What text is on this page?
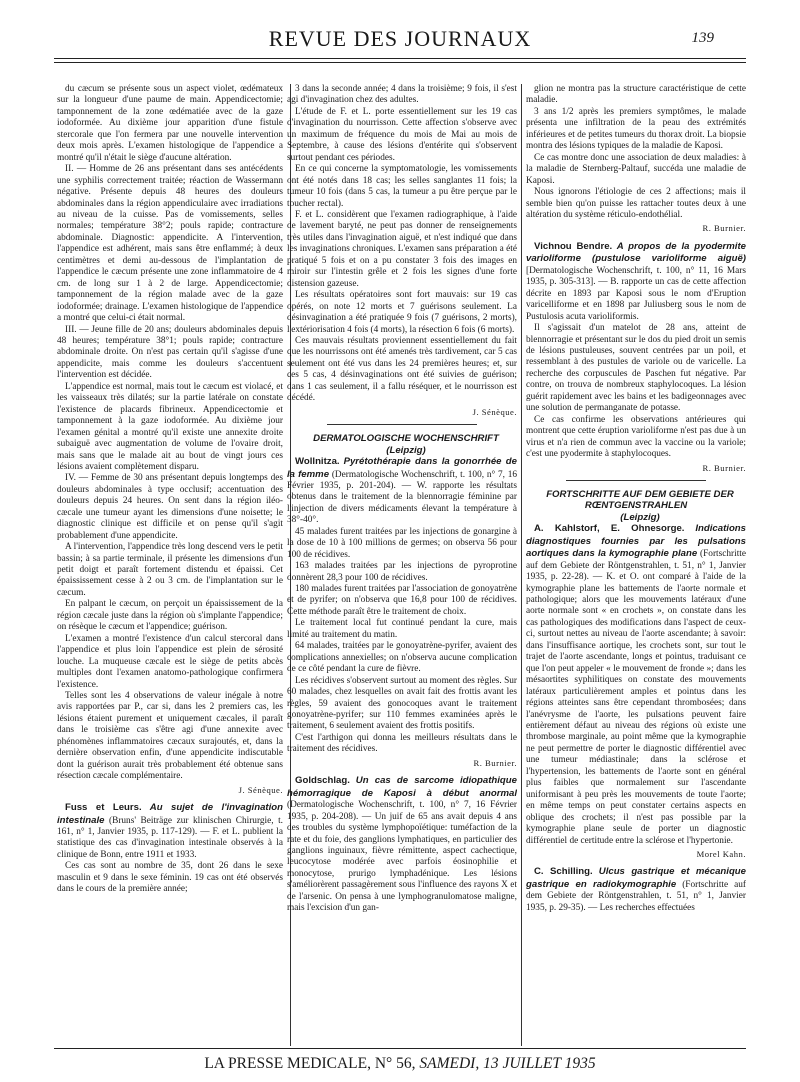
REVUE DES JOURNAUX	139

du cæcum se présente sous un aspect violet, œdémateux sur la longueur d'une paume de main. Appendicectomie; tamponnement de la zone œdématiée avec de la gaze iodoformée. Au dixième jour apparition d'une fistule stercorale que l'on fermera par une nouvelle intervention deux mois après. L'examen histologique de l'appendice a montré qu'il n'était le siège d'aucune altération.

II. — Homme de 26 ans présentant dans ses antécédents une syphilis correctement traitée; réaction de Wassermann négative. Présente depuis 48 heures des douleurs abdominales dans la région appendiculaire avec irradiations au niveau de la cuisse. Pas de vomissements, selles normales; température 38°2; pouls rapide; contracture abdominale. Diagnostic: appendicite. A l'intervention, l'appendice est adhérent, mais sans être enflammé; à deux centimètres et demi au-dessous de l'implantation de l'appendice le cæcum présente une zone inflammatoire de 4 cm. de long sur 1 à 2 de large. Appendicectomie; tamponnement de la région malade avec de la gaze iodoformée; drainage. L'examen histologique de l'appendice a montré que celui-ci était normal.

III. — Jeune fille de 20 ans; douleurs abdominales depuis 48 heures; température 38°1; pouls rapide; contracture abdominale droite. On n'est pas certain qu'il s'agisse d'une appendicite, mais comme les douleurs s'accentuent l'intervention est décidée.

L'appendice est normal, mais tout le cæcum est violacé, et les vaisseaux très dilatés; sur la partie latérale on constate l'existence de placards fibrineux. Appendicectomie et tamponnement à la gaze iodoformée. Au dixième jour l'examen génital a montré qu'il existe une annexite droite subaiguë avec augmentation de volume de l'ovaire droit, mais sans que le malade ait au bout de vingt jours ces lésions avaient complètement disparu.

IV. — Femme de 30 ans présentant depuis longtemps des douleurs abdominales à type occlusif; accentuation des douleurs depuis 24 heures. On sent dans la région iléo-cæcale une tumeur ayant les dimensions d'une noisette; le diagnostic clinique est difficile et on pense qu'il s'agit probablement d'une appendicite.

A l'intervention, l'appendice très long descend vers le petit bassin; à sa partie terminale, il présente les dimensions d'un petit doigt et paraît fortement distendu et épaissi. Cet épaississement cesse à 2 ou 3 cm. de l'implantation sur le cæcum.

En palpant le cæcum, on perçoit un épaississement de la région cæcale juste dans la région où s'implante l'appendice; on résèque le cæcum et l'appendice; guérison.

L'examen a montré l'existence d'un calcul stercoral dans l'appendice et plus loin l'appendice est plein de sérosité louche. La muqueuse cæcale est le siège de petits abcès multiples dont l'examen anatomo-pathologique confirmera l'existence.

Telles sont les 4 observations de valeur inégale à notre avis rapportées par P., car si, dans les 2 premiers cas, les lésions étaient purement et uniquement cæcales, il paraît dans le troisième cas s'être agi d'une annexite avec phénomènes inflammatoires cæcaux surajoutés, et, dans la dernière observation enfin, d'une appendicite indiscutable dont la guérison aurait très probablement été obtenue sans résection cæcale complémentaire.

J. Sénèque.

Fuss et Leurs. Au sujet de l'invagination intestinale (Bruns' Beiträge zur klinischen Chirurgie, t. 161, n° 1, Janvier 1935, p. 117-129). — F. et L. publient la statistique des cas d'invagination intestinale observés à la clinique de Bonn, entre 1911 et 1933.

Ces cas sont au nombre de 35, dont 26 dans le sexe masculin et 9 dans le sexe féminin. 19 cas ont été observés dans le cours de la première année;

3 dans la seconde année; 4 dans la troisième; 9 fois, il s'est agi d'invagination chez des adultes.

L'étude de F. et L. porte essentiellement sur les 19 cas d'invagination du nourrisson. Cette affection s'observe avec un maximum de fréquence du mois de Mai au mois de Septembre, à cause des lésions d'entérite qui s'observent surtout pendant ces périodes.

En ce qui concerne la symptomatologie, les vomissements ont été notés dans 18 cas; les selles sanglantes 11 fois; la tumeur 10 fois (dans 5 cas, la tumeur a pu être perçue par le toucher rectal).

F. et L. considèrent que l'examen radiographique, à l'aide de lavement baryté, ne peut pas donner de renseignements très utiles dans l'invagination aiguë, et n'est indiqué que dans les invaginations chroniques. L'examen sans préparation a été pratiqué 5 fois et on a pu constater 3 fois des images en miroir sur l'intestin grêle et 2 fois les signes d'une forte distension gazeuse.

Les résultats opératoires sont fort mauvais: sur 19 cas opérés, on note 12 morts et 7 guérisons seulement. La désinvagination a été pratiquée 9 fois (7 guérisons, 2 morts), l'extériorisation 4 fois (4 morts), la résection 6 fois (6 morts).

Ces mauvais résultats proviennent essentiellement du fait que les nourrissons ont été amenés très tardivement, car 5 cas seulement ont été vus dans les 24 premières heures; et, sur ces 5 cas, 4 désinvaginations ont été suivies de guérison; dans 1 cas seulement, il a fallu réséquer, et le nourrisson est décédé.

J. Sénèque.

DERMATOLOGISCHE WOCHENSCHRIFT

(Leipzig)

Wollnitza. Pyrétothérapie dans la gonorrhée de la femme (Dermatologische Wochenschrift, t. 100, n° 7, 16 Février 1935, p. 201-204). — W. rapporte les résultats obtenus dans le traitement de la blennorragie féminine par l'injection de divers médicaments élevant la température à 38°-40°.

45 malades furent traitées par les injections de gonargine à la dose de 10 à 100 millions de germes; on observa 56 pour 100 de récidives.

163 malades traitées par les injections de pyroprotine donnèrent 28,3 pour 100 de récidives.

180 malades furent traitées par l'association de gonoyatrène et de pyrifer; on n'observa que 16,8 pour 100 de récidives. Cette méthode paraît être le traitement de choix.

Le traitement local fut continué pendant la cure, mais limité au traitement du matin.

64 malades, traitées par le gonoyatrène-pyrifer, avaient des complications annexielles; on n'observa aucune complication de ce côté pendant la cure de fièvre.

Les récidives s'observent surtout au moment des règles. Sur 60 malades, chez lesquelles on avait fait des frottis avant les règles, 59 avaient des gonocoques avant le traitement gonoyatrène-pyrifer; sur 110 femmes examinées après le traitement, 6 seulement avaient des frottis positifs.

C'est l'arthigon qui donna les meilleurs résultats dans le traitement des récidives.

R. Burnier.

Goldschlag. Un cas de sarcome idiopathique hémorragique de Kaposi à début anormal (Dermatologische Wochenschrift, t. 100, n° 7, 16 Février 1935, p. 204-208). — Un juif de 65 ans avait depuis 4 ans des troubles du système lymphopoïétique: tuméfaction de la rate et du foie, des ganglions lymphatiques, en particulier des ganglions inguinaux, fièvre rémittente, aspect cachectique, leucocytose modérée avec parfois éosinophilie et monocytose, prurigo lymphadénique. Les lésions s'améliorèrent passagèrement sous l'influence des rayons X et de l'arsenic. On pensa à une lymphogranulomatose maligne, mais l'excision d'un gan-

glion ne montra pas la structure caractéristique de cette maladie.

3 ans 1/2 après les premiers symptômes, le malade présenta une infiltration de la peau des extrémités inférieures et de petites tumeurs du thorax droit. La biopsie montra des lésions typiques de la maladie de Kaposi.

Ce cas montre donc une association de deux maladies: à la maladie de Sternberg-Paltauf, succéda une maladie de Kaposi.

Nous ignorons l'étiologie de ces 2 affections; mais il semble bien qu'on puisse les rattacher toutes deux à une altération du système réticulo-endothélial.

R. Burnier.

Vichnou Bendre. A propos de la pyodermite varioliforme (pustulose varioliforme aiguë) [Dermatologische Wochenschrift, t. 100, n° 11, 16 Mars 1935, p. 305-313]. — B. rapporte un cas de cette affection décrite en 1893 par Kaposi sous le nom d'Eruption varicelliforme et en 1898 par Juliusberg sous le nom de Pustulosis acuta varioliformis.

Il s'agissait d'un matelot de 28 ans, atteint de blennorragie et présentant sur le dos du pied droit un semis de lésions pustuleuses, souvent centrées par un poil, et ressemblant à des pustules de variole ou de varicelle. La recherche des corpuscules de Paschen fut négative. Par contre, on trouva de nombreux staphylocoques. La lésion guérit rapidement avec les bains et les badigeonnages avec une solution de permanganate de potasse.

Ce cas confirme les observations antérieures qui montrent que cette éruption varioliforme n'est pas due à un virus et n'a rien de commun avec la vaccine ou la variole; c'est une pyodermite à staphylocoques.

R. Burnier.

FORTSCHRITTE AUF DEM GEBIETE DER RŒNTGENSTRAHLEN

(Leipzig)

A. Kahlstorf, E. Ohnesorge. Indications diagnostiques fournies par les pulsations aortiques dans la kymographie plane (Fortschritte auf dem Gebiete der Röntgenstrahlen, t. 51, n° 1, Janvier 1935, p. 22-28). — K. et O. ont comparé à l'aide de la kymographie plane les battements de l'aorte normale et pathologique; alors que les mouvements latéraux d'une aorte normale sont « en crochets », on constate dans les cas pathologiques des modifications dans l'aspect de ceux-ci, surtout nettes au niveau de l'aorte ascendante; à savoir: dans l'insuffisance aortique, les crochets sont, sur tout le trajet de l'aorte ascendante, longs et pointus, traduisant ce que l'on peut appeler « le mouvement de fronde »; dans les mésaortites syphilitiques on constate des mouvements latéraux particulièrement amples et pointus dans les régions atteintes sans être cependant thrombosées; dans l'anévrysme de l'aorte, les pulsations peuvent faire entièrement défaut au niveau des régions où existe une thrombose marginale, au point même que la kymographie ne peut permettre de porter le diagnostic différentiel avec une tumeur médiastinale; dans la sclérose et l'hypertension, les battements de l'aorte sont en général plus faibles que normalement sur l'ascendante uniformisant à peu près les mouvements de toute l'aorte; en même temps on peut constater certains aspects en oblique des crochets; il n'est pas possible par la kymographie plane seule de porter un diagnostic différentiel de certitude entre la sclérose et l'hypertonie.

Morel Kahn.

C. Schilling. Ulcus gastrique et mécanique gastrique en radiokymographie (Fortschritte auf dem Gebiete der Röntgenstrahlen, t. 51, n° 1, Janvier 1935, p. 29-35). — Les recherches effectuées

LA PRESSE MEDICALE, N° 56, SAMEDI, 13 JUILLET 1935
